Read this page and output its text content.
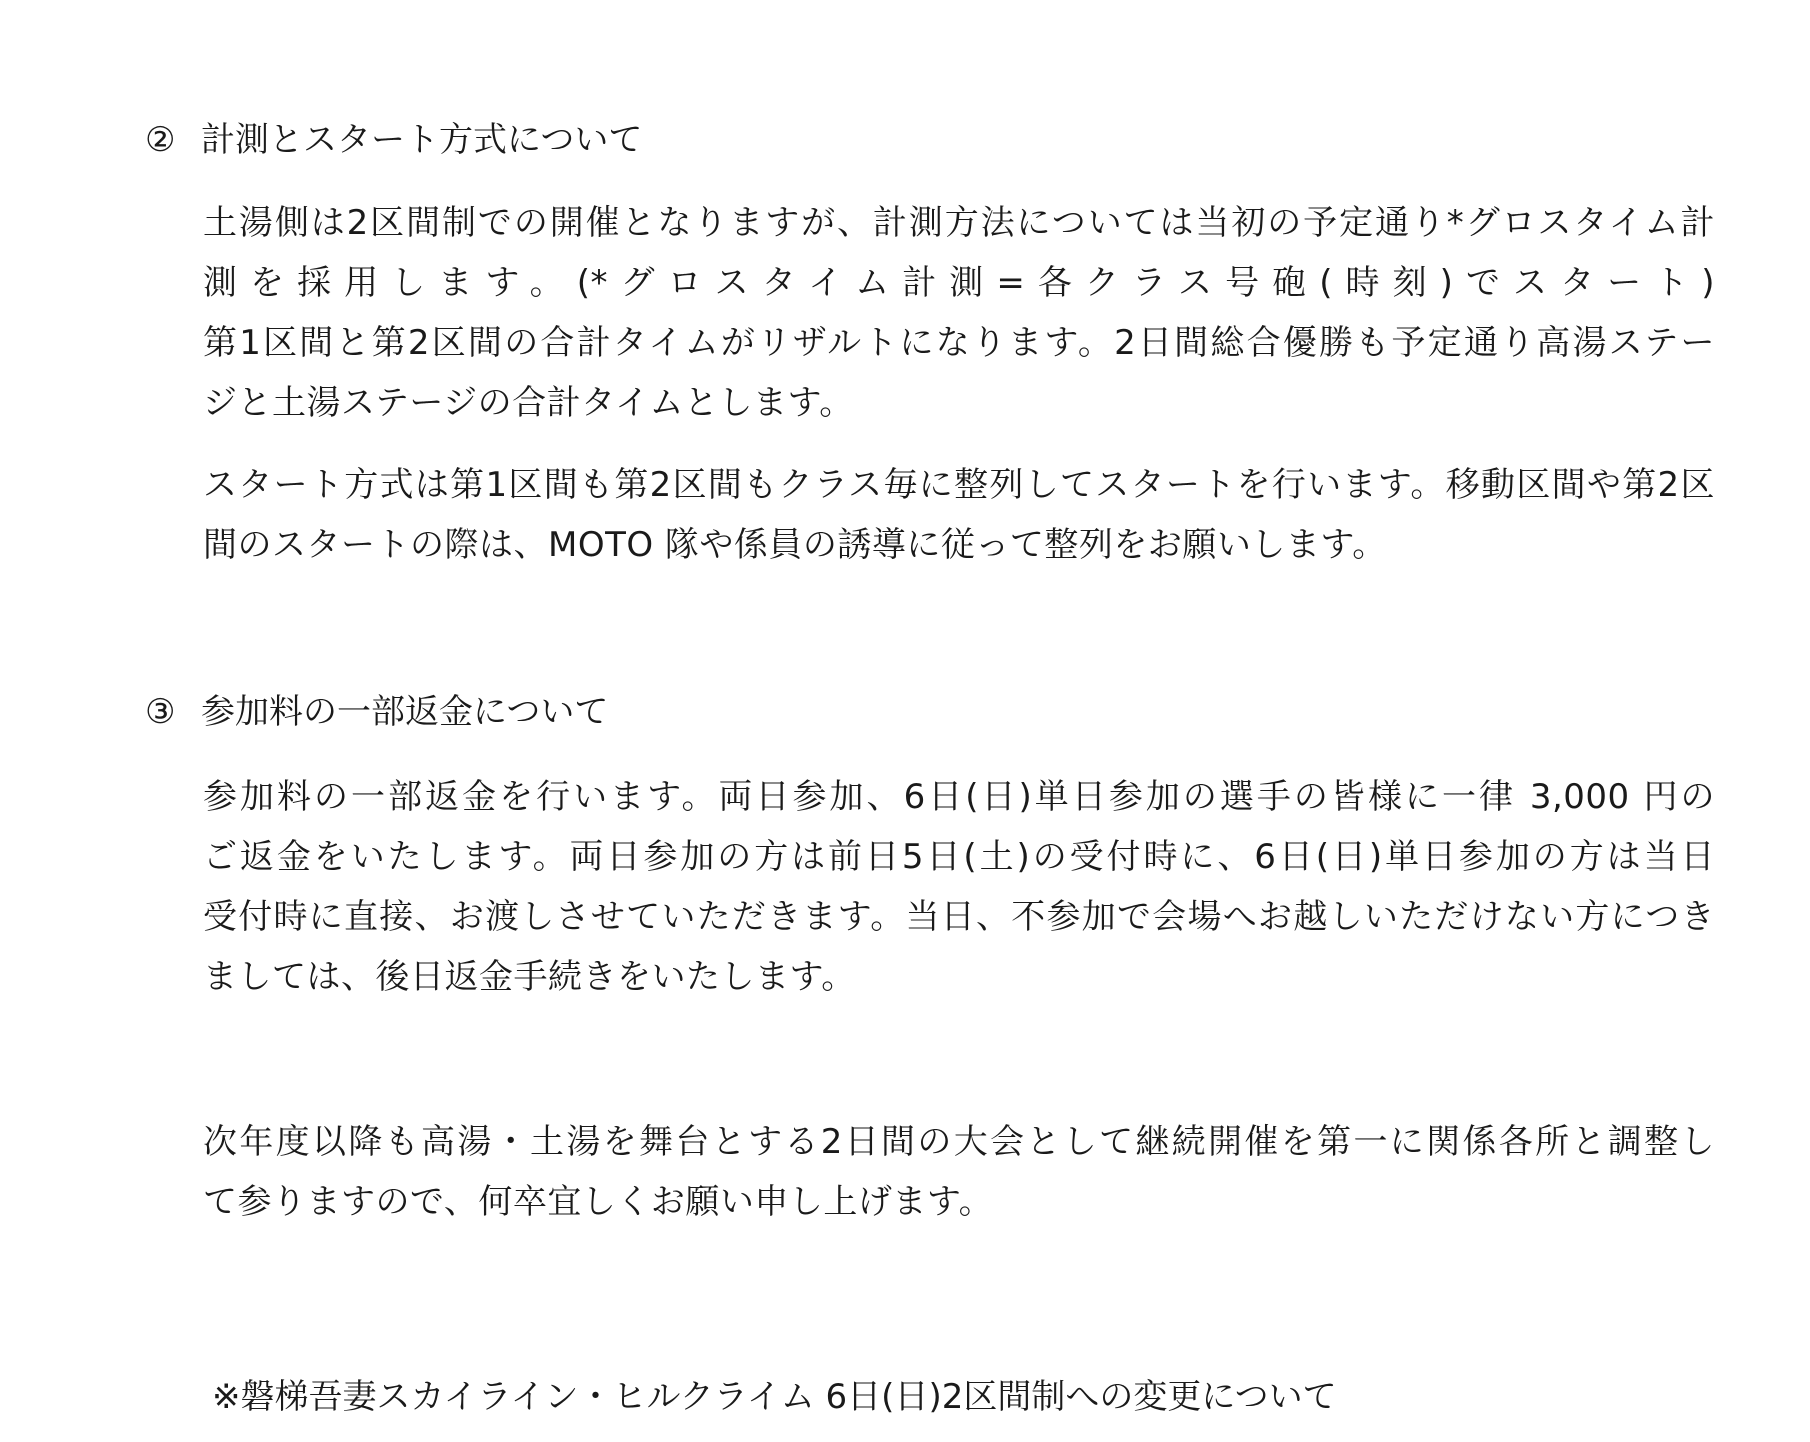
② 計測とスタート方式について
土湯側は2区間制での開催となりますが、計測方法については当初の予定通り*グロスタイム計
測を採用します。(*グロスタイム計測=各クラス号砲(時刻)でスタート)
第1区間と第2区間の合計タイムがリザルトになります。2日間総合優勝も予定通り高湯ステー
ジと土湯ステージの合計タイムとします。
スタート方式は第1区間も第2区間もクラス毎に整列してスタートを行います。移動区間や第2区
間のスタートの際は、MOTO 隊や係員の誘導に従って整列をお願いします。
③ 参加料の一部返金について
参加料の一部返金を行います。両日参加、6日(日)単日参加の選手の皆様に一律 3,000 円の
ご返金をいたします。両日参加の方は前日5日(土)の受付時に、6日(日)単日参加の方は当日
受付時に直接、お渡しさせていただきます。当日、不参加で会場へお越しいただけない方につき
ましては、後日返金手続きをいたします。
次年度以降も高湯・土湯を舞台とする2日間の大会として継続開催を第一に関係各所と調整し
て参りますので、何卒宜しくお願い申し上げます。
※磐梯吾妻スカイライン・ヒルクライム 6日(日)2区間制への変更について
